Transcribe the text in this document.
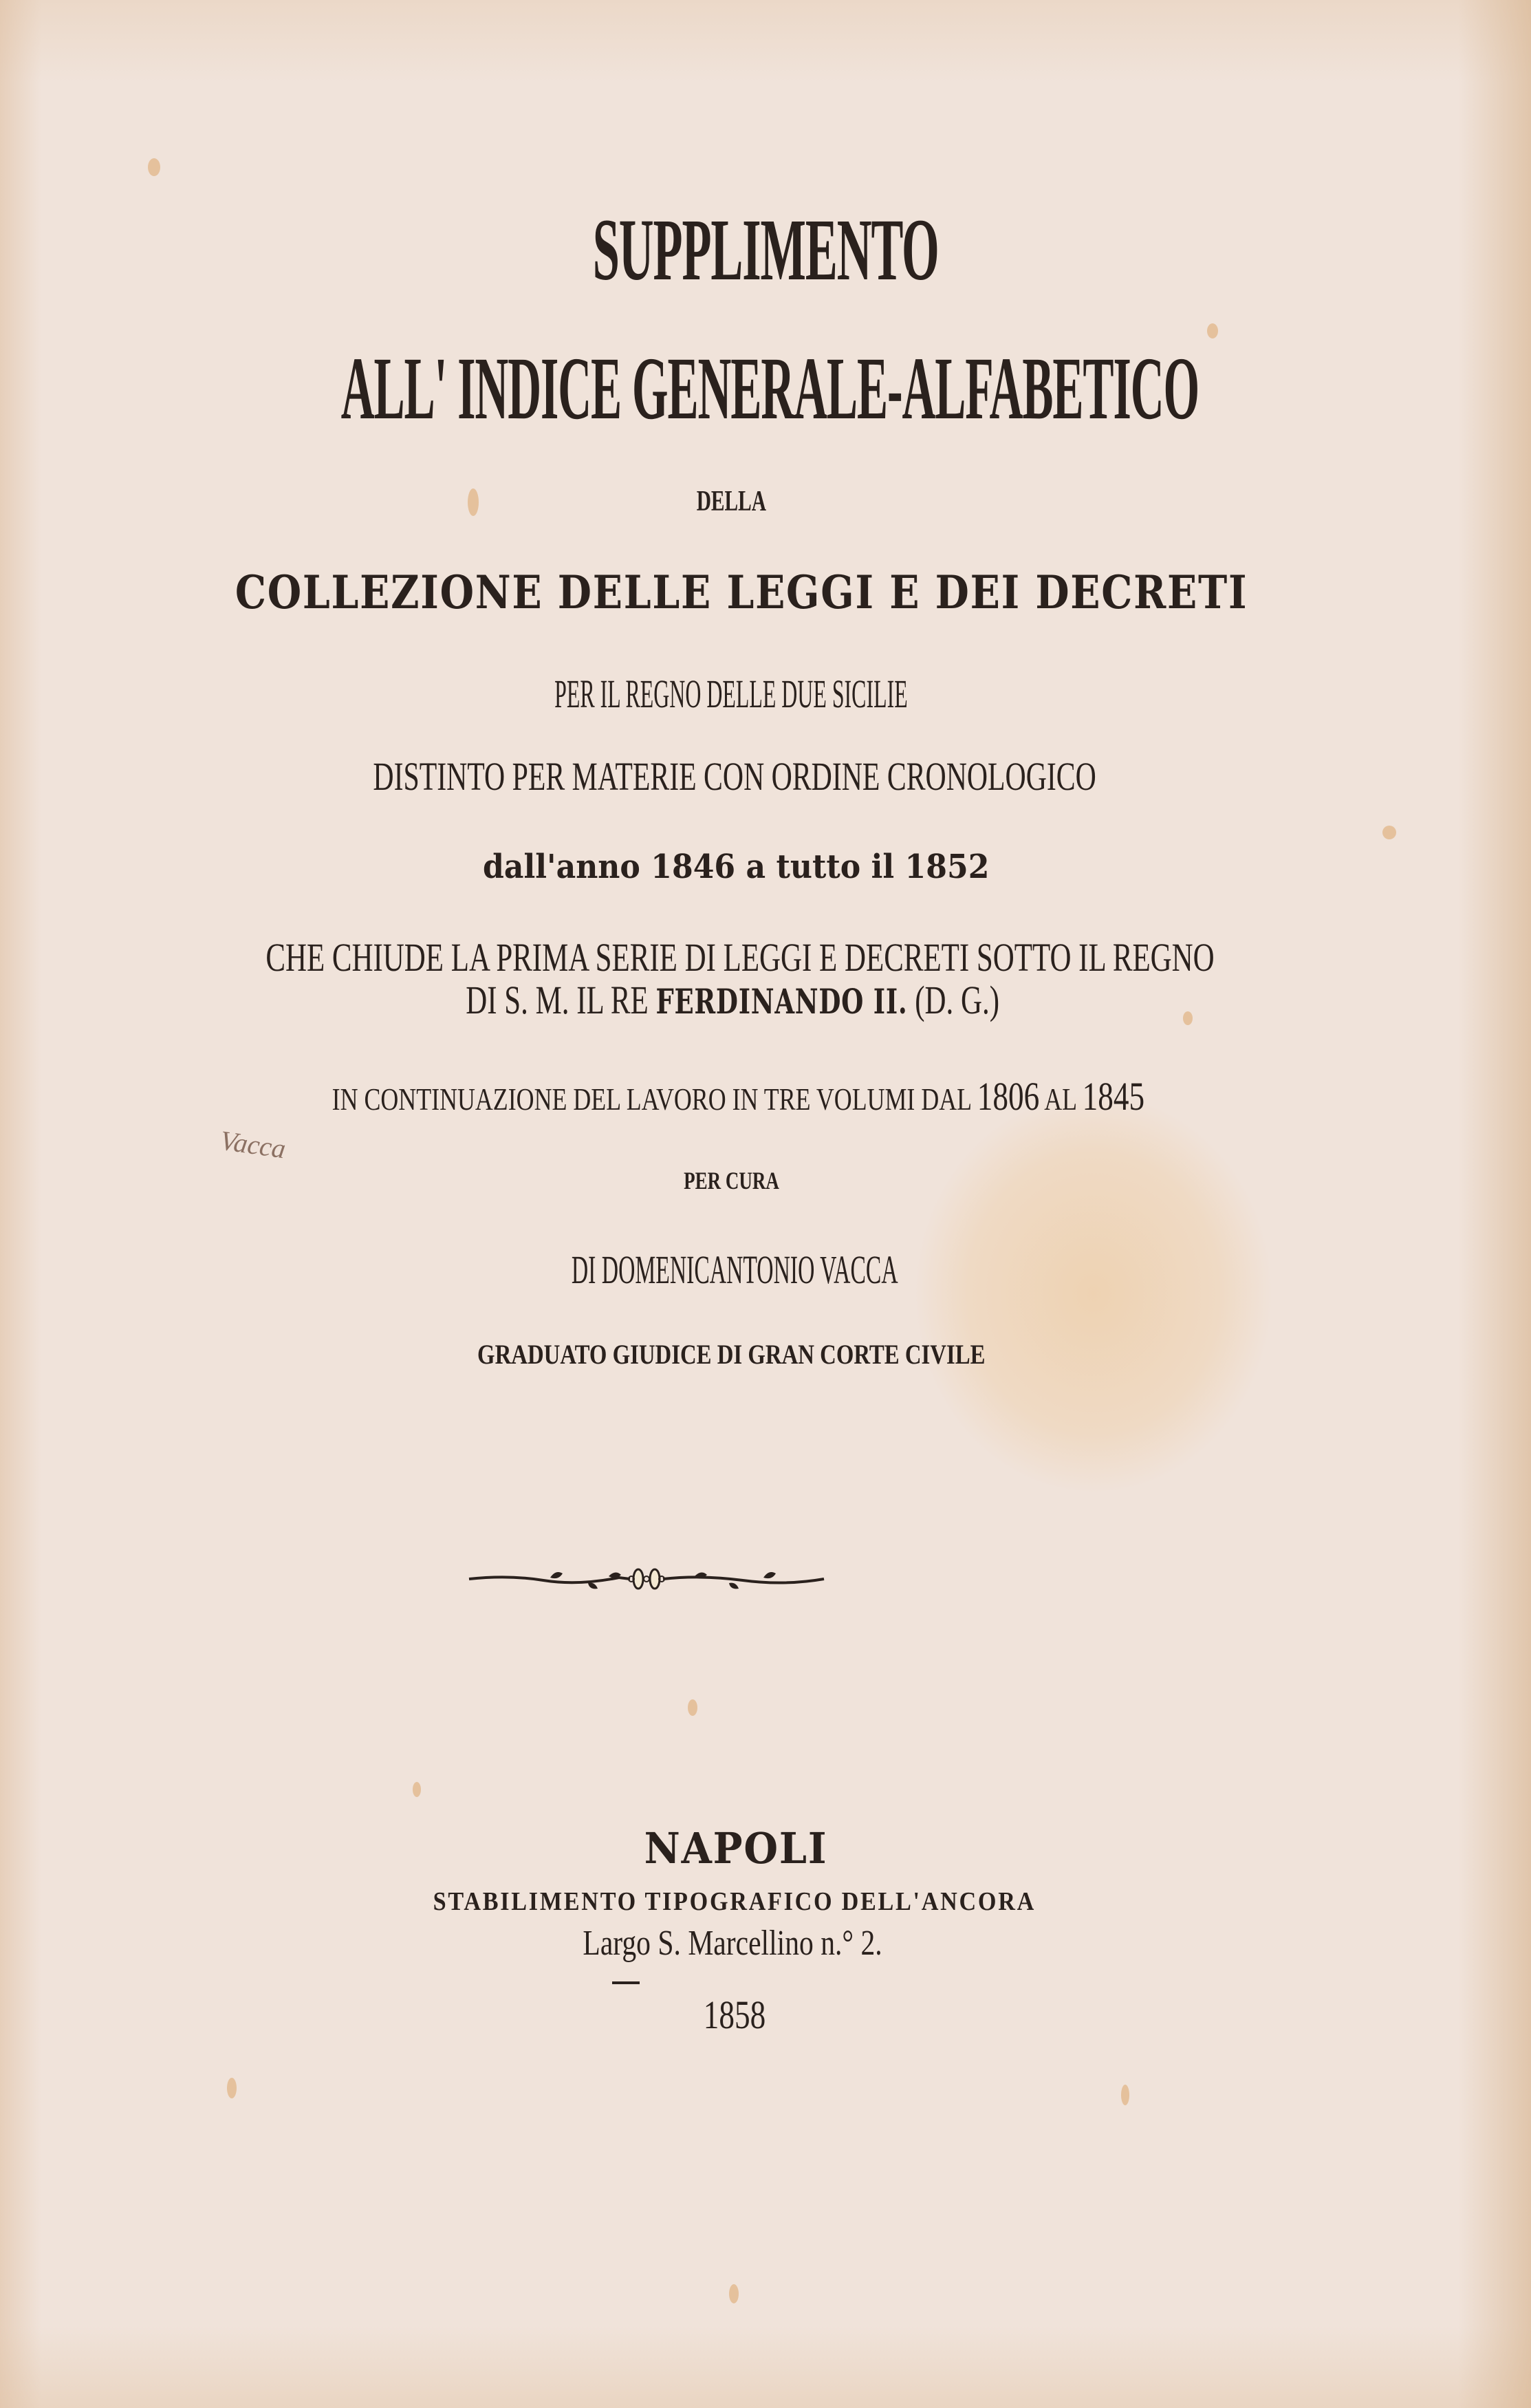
SUPPLIMENTO
ALL' INDICE GENERALE-ALFABETICO
DELLA
COLLEZIONE DELLE LEGGI E DEI DECRETI
PER IL REGNO DELLE DUE SICILIE
DISTINTO PER MATERIE CON ORDINE CRONOLOGICO
dall'anno 1846 a tutto il 1852
CHE CHIUDE LA PRIMA SERIE DI LEGGI E DECRETI SOTTO IL REGNO
DI S. M. IL RE FERDINANDO II. (D. G.)
IN CONTINUAZIONE DEL LAVORO IN TRE VOLUMI DAL 1806 AL 1845
Vacca
PER CURA
DI DOMENICANTONIO VACCA
GRADUATO GIUDICE DI GRAN CORTE CIVILE
NAPOLI
STABILIMENTO TIPOGRAFICO DELL'ANCORA
Largo S. Marcellino n.° 2.
1858
